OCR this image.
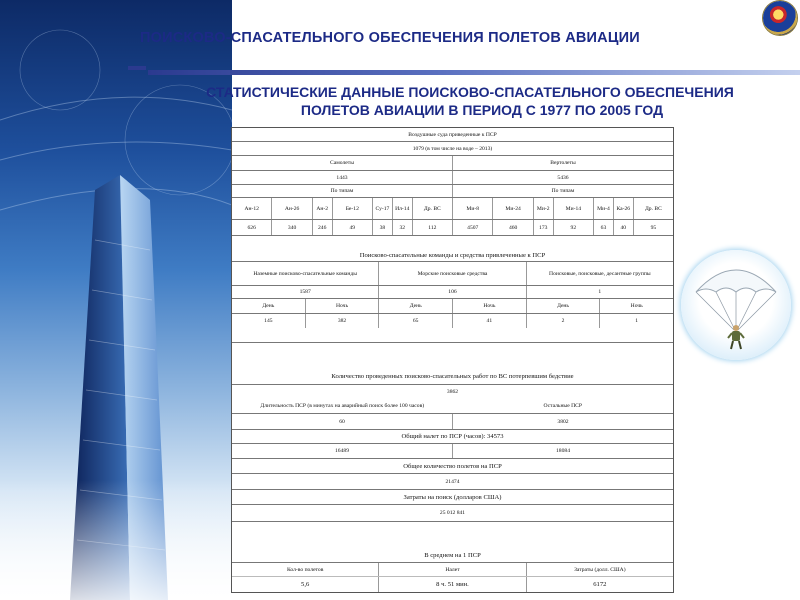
ПОИСКОВО-СПАСАТЕЛЬНОГО ОБЕСПЕЧЕНИЯ ПОЛЕТОВ АВИАЦИИ
СТАТИСТИЧЕСКИЕ ДАННЫЕ ПОИСКОВО-СПАСАТЕЛЬНОГО ОБЕСПЕЧЕНИЯ
ПОЛЕТОВ АВИАЦИИ В ПЕРИОД С 1977 ПО 2005 ГОД
Воздушные суда приведенные к ПСР
1079 (в том числе на воде – 2013)
Самолеты	Вертолеты
1443	5436
По типам	По типам
Ан-12	Ан-26	Ан-2	Бе-12	Су-17	Ил-14	Др. ВС	Ми-8	Ми-24	Ми-2	Ми-14	Ми-4	Ка-26	Др. ВС
626	340	246	49	38	32	112	4507	460	173	92	63	40	95
Поисково-спасательные команды и средства привлеченные к ПСР
Наземные поисково-спасательные команды	Морские поисковые средства	Поисковые, поисковые, десантные группы
1587	106	1
День	Ночь	День	Ночь	День	Ночь
145	382	65	41	2	1
Количество проведенных поисково-спасательных работ по ВС потерпевшим бедствие
3862
Длительность ПСР (в минутах на аварийный поиск более 100 часов)	Остальные ПСР
60	3802
Общий налет по ПСР (часов): 34573
16489	18084
Общее количество полетов на ПСР
21474
Затраты на поиск (долларов США)
25 012 841
В среднем на 1 ПСР
Кол-во полетов	Налет	Затраты (долл. США)
5,6	8 ч. 51 мин.	6172
